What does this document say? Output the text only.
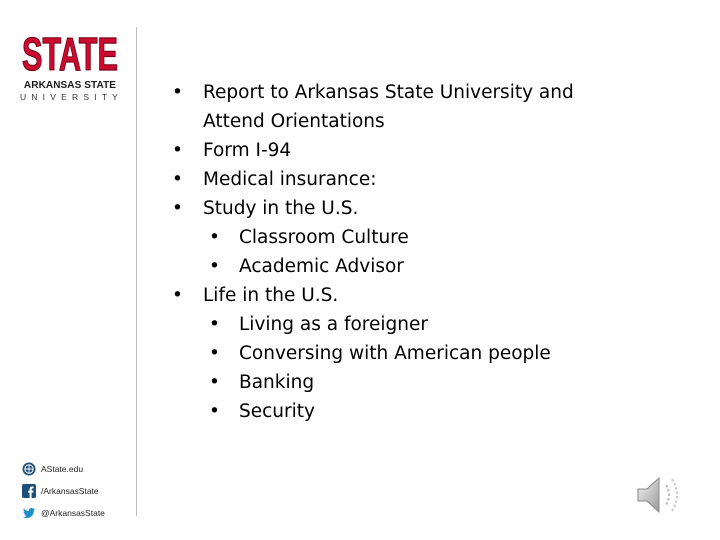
STATE
ARKANSAS STATE
UNIVERSITY
•	Report to Arkansas State University and
Attend Orientations
• Form I-94
• Medical insurance:
• Study in the U.S.
• Classroom Culture
• Academic Advisor
• Life in the U.S.
• Living as a foreigner
• Conversing with American people
• Banking
• Security
AState.edu
/ArkansasState
@ArkansasState
